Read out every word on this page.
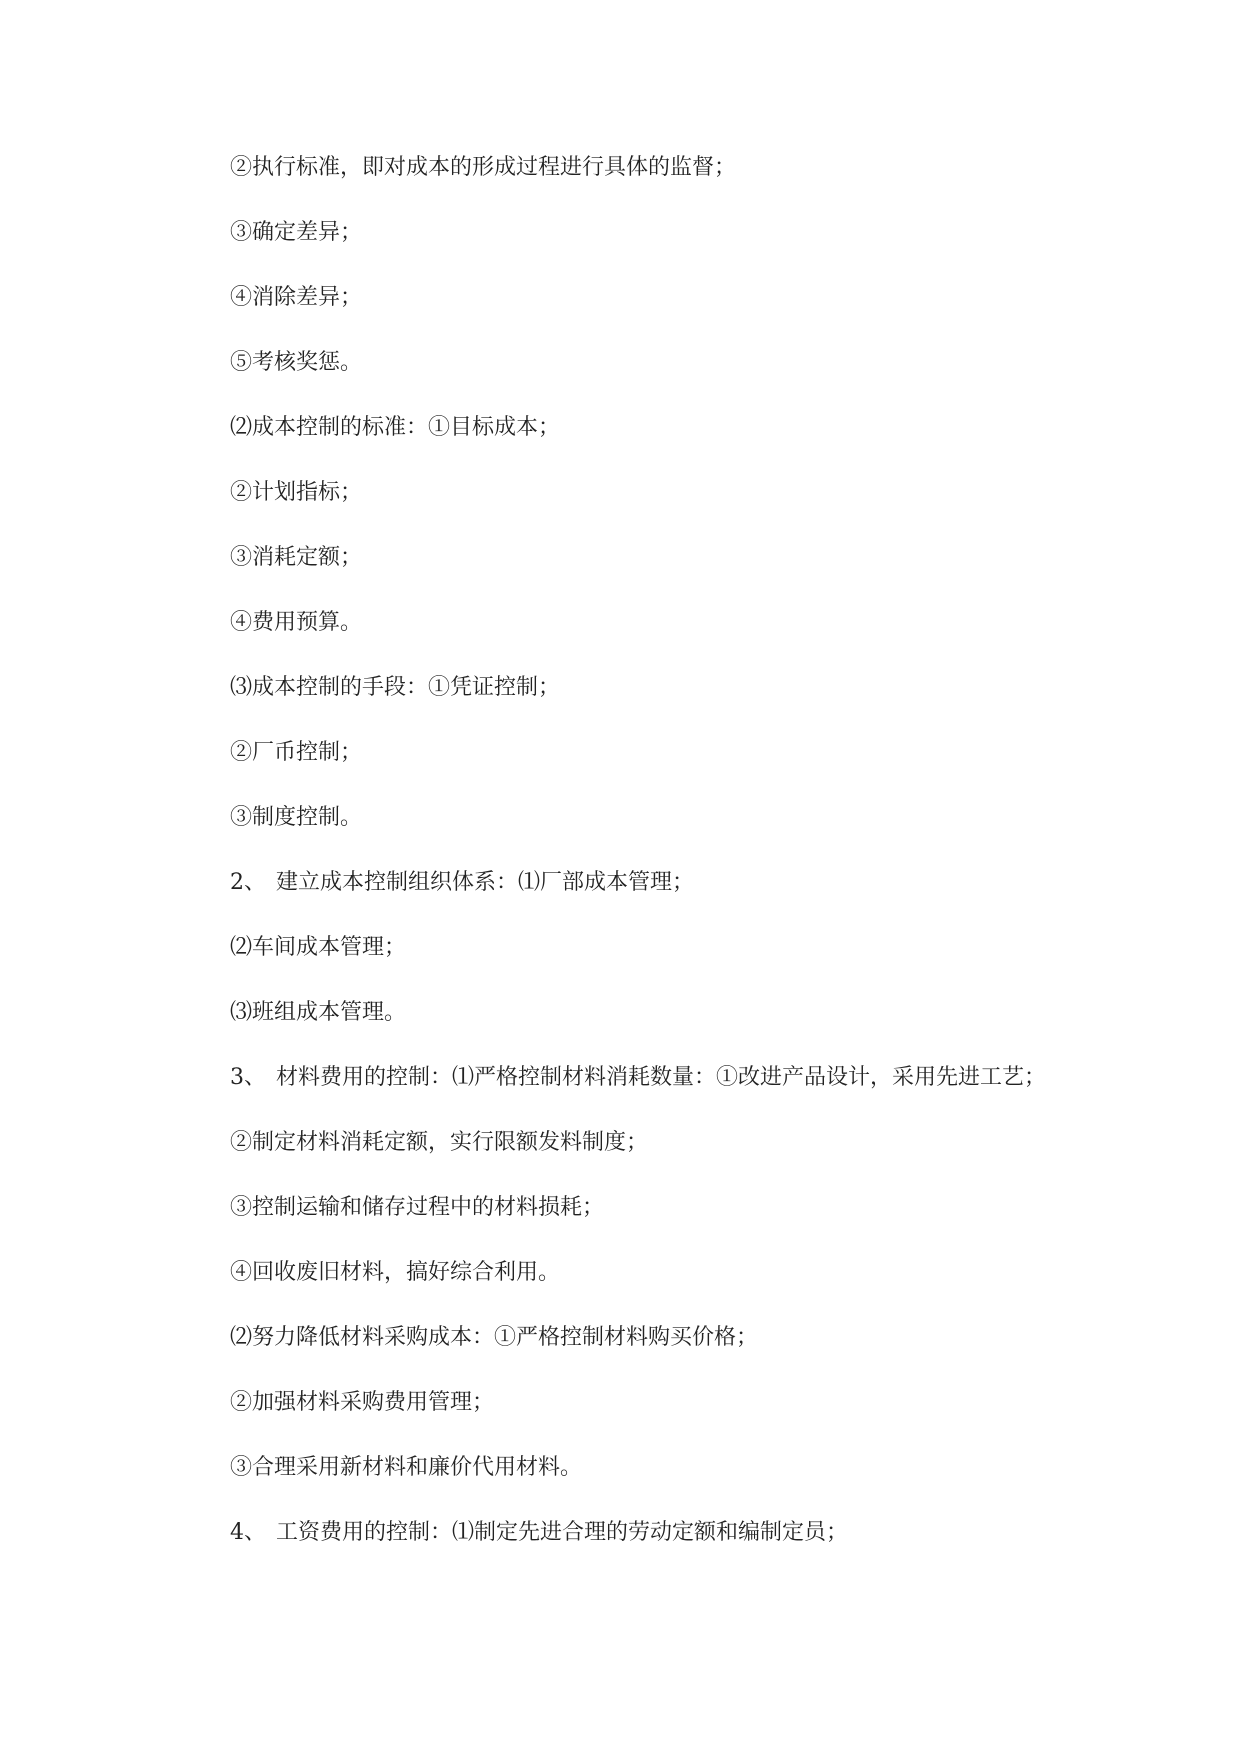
②执行标准，即对成本的形成过程进行具体的监督；
③确定差异；
④消除差异；
⑤考核奖惩。
⑵成本控制的标准：①目标成本；
②计划指标；
③消耗定额；
④费用预算。
⑶成本控制的手段：①凭证控制；
②厂币控制；
③制度控制。
2、 建立成本控制组织体系：⑴厂部成本管理；
⑵车间成本管理；
⑶班组成本管理。
3、 材料费用的控制：⑴严格控制材料消耗数量：①改进产品设计，采用先进工艺；
②制定材料消耗定额，实行限额发料制度；
③控制运输和储存过程中的材料损耗；
④回收废旧材料，搞好综合利用。
⑵努力降低材料采购成本：①严格控制材料购买价格；
②加强材料采购费用管理；
③合理采用新材料和廉价代用材料。
4、 工资费用的控制：⑴制定先进合理的劳动定额和编制定员；
